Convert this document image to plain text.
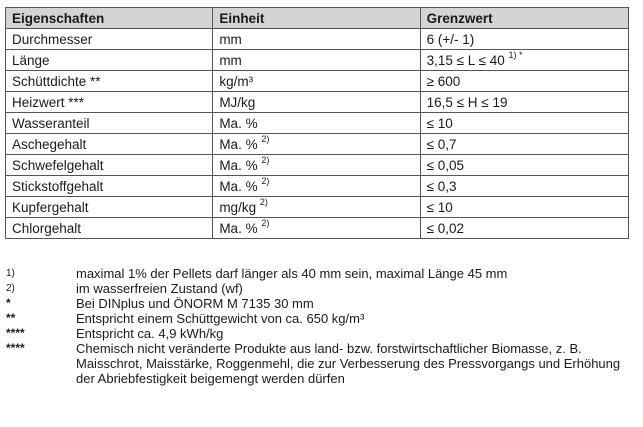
Eigenschaften	Einheit	Grenzwert
Durchmesser	mm	6 (+/- 1)
Länge	mm	3,15 ≤ L ≤ 40 $^{1) *}$
Schüttdichte **	kg/m³	≥ 600
Heizwert ***	MJ/kg	16,5 ≤ H ≤ 19
Wasseranteil	Ma. %	≤ 10
Aschegehalt	Ma. % $^{2)}$	≤ 0,7
Schwefelgehalt	Ma. % $^{2)}$	≤ 0,05
Stickstoffgehalt	Ma. % $^{2)}$	≤ 0,3
Kupfergehalt	mg/kg $^{2)}$	≤ 10
Chlorgehalt	Ma. % $^{2)}$	≤ 0,02
1)	maximal 1% der Pellets darf länger als 40 mm sein, maximal Länge 45 mm
2)	im wasserfreien Zustand (wf)
*	Bei DINplus und ÖNORM M 7135 30 mm
**	Entspricht einem Schüttgewicht von ca. 650 kg/m³
****	Entspricht ca. 4,9 kWh/kg
****	Chemisch nicht veränderte Produkte aus land- bzw. forstwirtschaftlicher Biomasse, z. B. Maisschrot, Maisstärke, Roggenmehl, die zur Verbesserung des Pressvorgangs und Erhöhung der Abriebfestigkeit beigemengt werden dürfen
